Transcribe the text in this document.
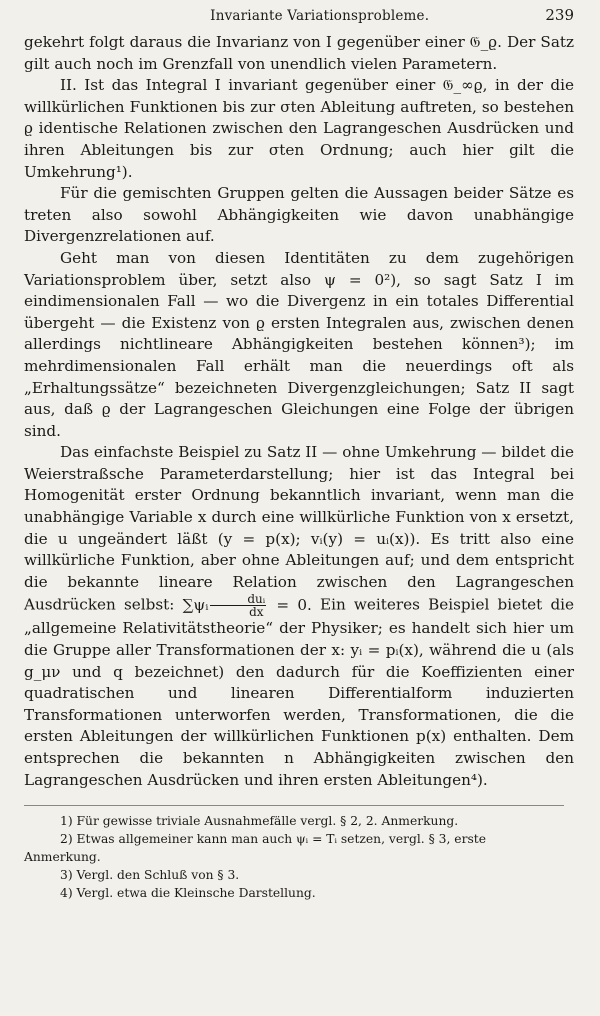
Invariante Variationsprobleme.	239

gekehrt folgt daraus die Invarianz von I gegenüber einer 𝔊_ϱ. Der Satz gilt auch noch im Grenzfall von unendlich vielen Parametern.

II. Ist das Integral I invariant gegenüber einer 𝔊_∞ϱ, in der die willkürlichen Funktionen bis zur σten Ableitung auftreten, so bestehen ϱ identische Relationen zwischen den Lagrangeschen Ausdrücken und ihren Ableitungen bis zur σten Ordnung; auch hier gilt die Umkehrung¹).

Für die gemischten Gruppen gelten die Aussagen beider Sätze es treten also sowohl Abhängigkeiten wie davon unabhängige Divergenzrelationen auf.

Geht man von diesen Identitäten zu dem zugehörigen Variationsproblem über, setzt also ψ = 0²), so sagt Satz I im eindimensionalen Fall — wo die Divergenz in ein totales Differential übergeht — die Existenz von ϱ ersten Integralen aus, zwischen denen allerdings nichtlineare Abhängigkeiten bestehen können³); im mehrdimensionalen Fall erhält man die neuerdings oft als „Erhaltungssätze“ bezeichneten Divergenzgleichungen; Satz II sagt aus, daß ϱ der Lagrangeschen Gleichungen eine Folge der übrigen sind.

Das einfachste Beispiel zu Satz II — ohne Umkehrung — bildet die Weierstraßsche Parameterdarstellung; hier ist das Integral bei Homogenität erster Ordnung bekanntlich invariant, wenn man die unabhängige Variable x durch eine willkürliche Funktion von x ersetzt, die u ungeändert läßt (y = p(x); vᵢ(y) = uᵢ(x)). Es tritt also eine willkürliche Funktion, aber ohne Ableitungen auf; und dem entspricht die bekannte lineare Relation zwischen den Lagrangeschen Ausdrücken selbst: ∑ψᵢ $\frac{\text{duᵢ}}{dx} = 0$. Ein weiteres Beispiel bietet die „allgemeine Relativitätstheorie“ der Physiker; es handelt sich hier um die Gruppe aller Transformationen der x: yᵢ = pᵢ(x), während die u (als g_μν und q bezeichnet) den dadurch für die Koeffizienten einer quadratischen und linearen Differentialform induzierten Transformationen unterworfen werden, Transformationen, die die ersten Ableitungen der willkürlichen Funktionen p(x) enthalten. Dem entsprechen die bekannten n Abhängigkeiten zwischen den Lagrangeschen Ausdrücken und ihren ersten Ableitungen⁴).

1) Für gewisse triviale Ausnahmefälle vergl. § 2, 2. Anmerkung.

2) Etwas allgemeiner kann man auch ψᵢ = Tᵢ setzen, vergl. § 3, erste Anmerkung.

3) Vergl. den Schluß von § 3.

4) Vergl. etwa die Kleinsche Darstellung.
